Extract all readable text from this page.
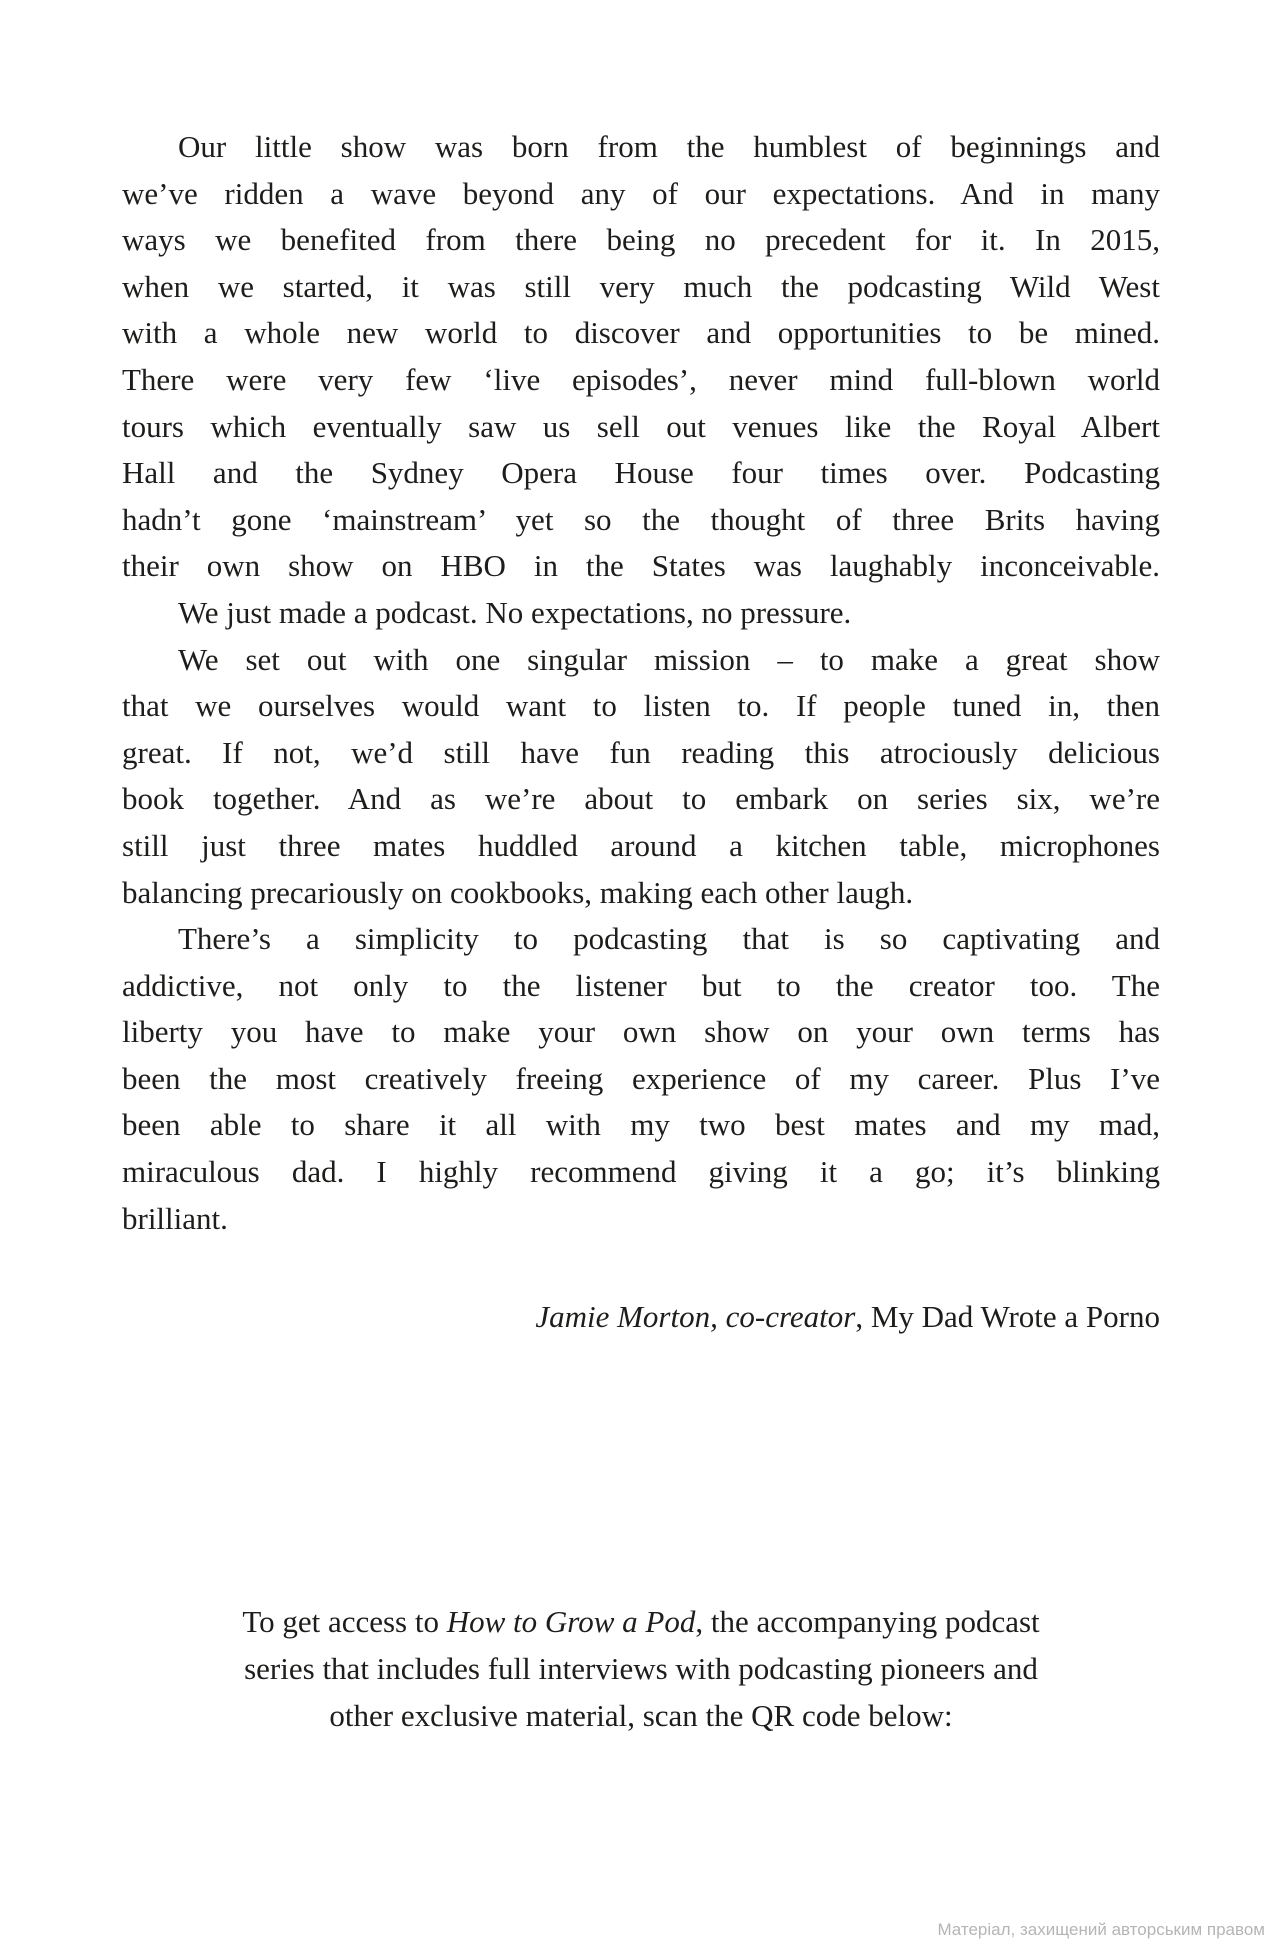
Our little show was born from the humblest of beginnings and
we’ve ridden a wave beyond any of our expectations. And in many
ways we benefited from there being no precedent for it. In 2015,
when we started, it was still very much the podcasting Wild West
with a whole new world to discover and opportunities to be mined.
There were very few ‘live episodes’, never mind full-blown world
tours which eventually saw us sell out venues like the Royal Albert
Hall and the Sydney Opera House four times over. Podcasting
hadn’t gone ‘mainstream’ yet so the thought of three Brits having
their own show on HBO in the States was laughably inconceivable.
We just made a podcast. No expectations, no pressure.
We set out with one singular mission – to make a great show
that we ourselves would want to listen to. If people tuned in, then
great. If not, we’d still have fun reading this atrociously delicious
book together. And as we’re about to embark on series six, we’re
still just three mates huddled around a kitchen table, microphones
balancing precariously on cookbooks, making each other laugh.
There’s a simplicity to podcasting that is so captivating and
addictive, not only to the listener but to the creator too. The
liberty you have to make your own show on your own terms has
been the most creatively freeing experience of my career. Plus I’ve
been able to share it all with my two best mates and my mad,
miraculous dad. I highly recommend giving it a go; it’s blinking
brilliant.
Jamie Morton, co-creator, My Dad Wrote a Porno
To get access to How to Grow a Pod, the accompanying podcast
series that includes full interviews with podcasting pioneers and
other exclusive material, scan the QR code below:
Матеріал, захищений авторським правом
